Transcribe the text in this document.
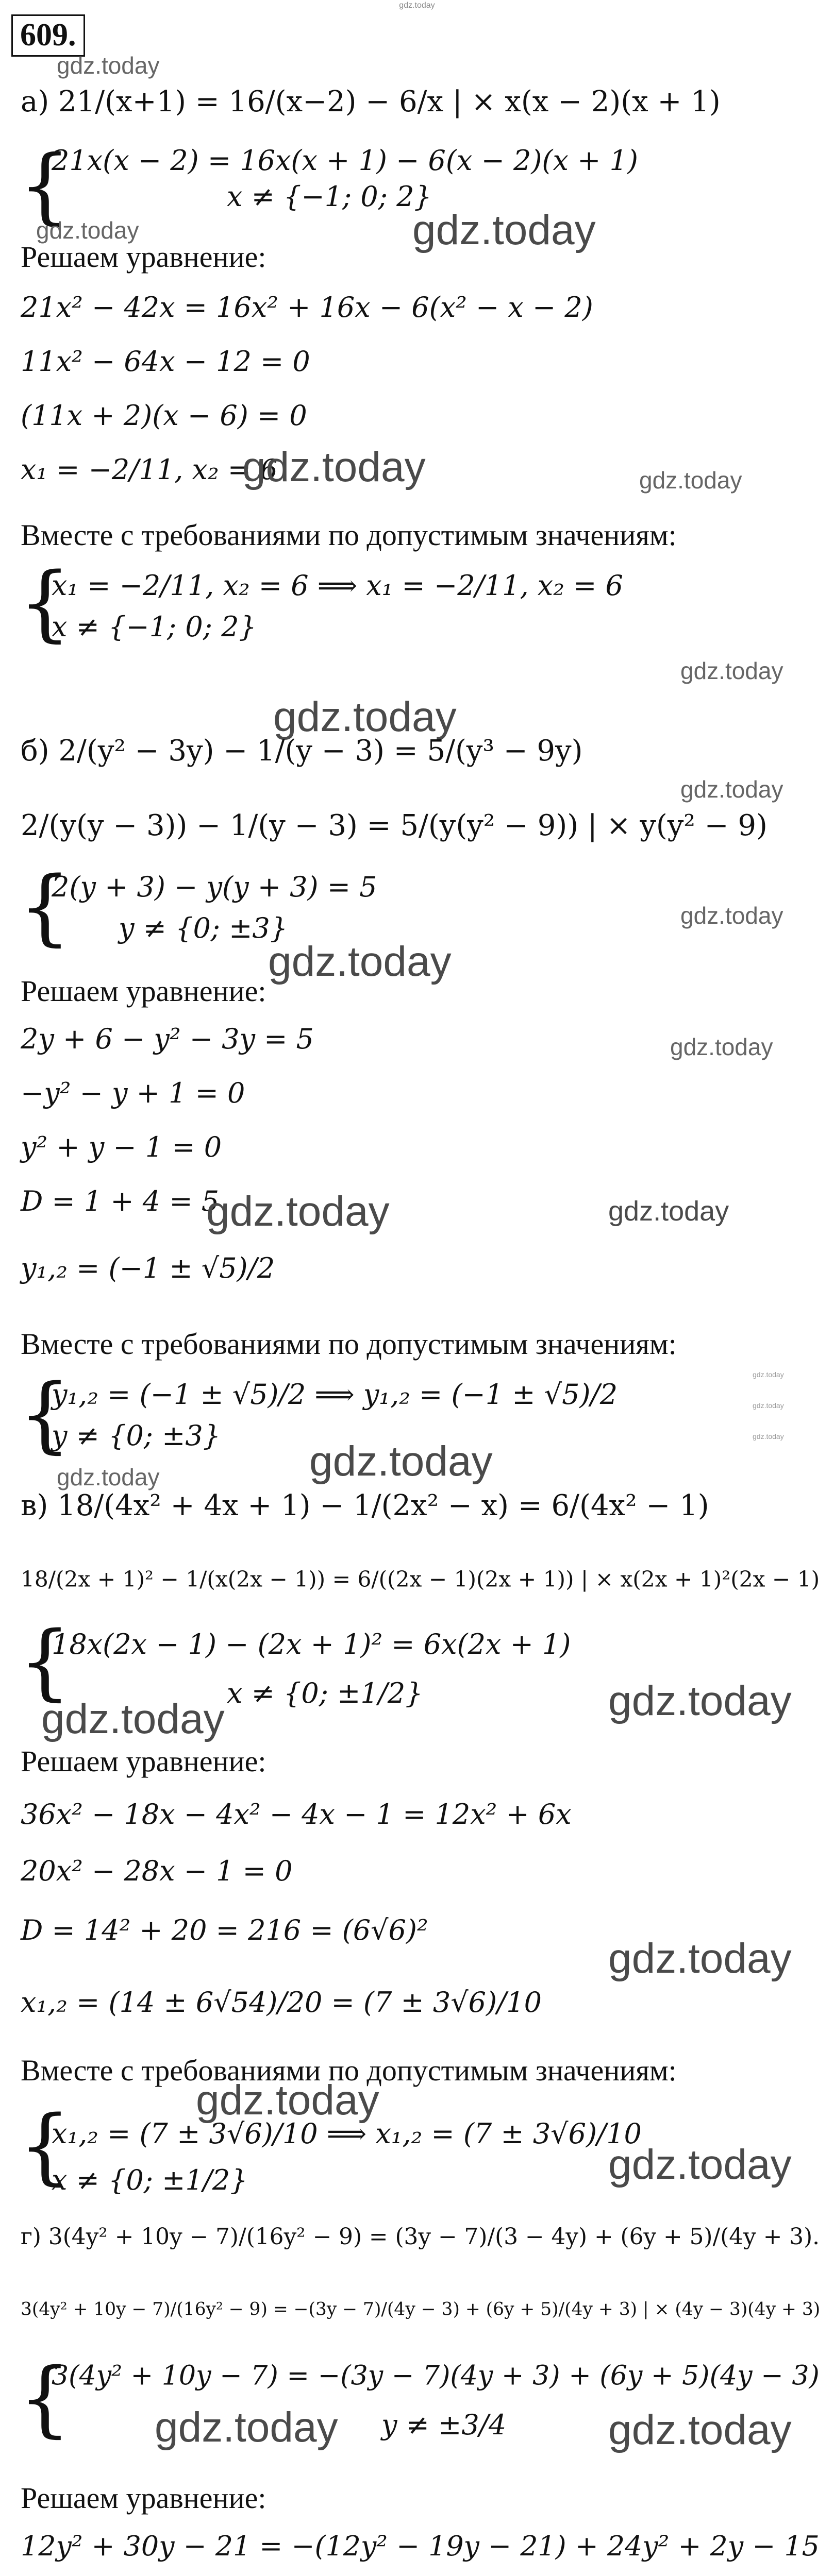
gdz.today
609.
gdz.today
а) 21/(x+1) = 16/(x−2) − 6/x | × x(x − 2)(x + 1)
{
21x(x − 2) = 16x(x + 1) − 6(x − 2)(x + 1)
x ≠ {−1; 0; 2}
gdz.today	gdz.today
Решаем уравнение:
21x² − 42x = 16x² + 16x − 6(x² − x − 2)
11x² − 64x − 12 = 0
(11x + 2)(x − 6) = 0
x₁ = −2/11, x₂ = 6
gdz.today	gdz.today
Вместе с требованиями по допустимым значениям:
{
x₁ = −2/11, x₂ = 6 ⟹ x₁ = −2/11, x₂ = 6
x ≠ {−1; 0; 2}
gdz.today
gdz.today
б) 2/(y² − 3y) − 1/(y − 3) = 5/(y³ − 9y)
gdz.today
2/(y(y − 3)) − 1/(y − 3) = 5/(y(y² − 9)) | × y(y² − 9)
{
2(y + 3) − y(y + 3) = 5
y ≠ {0; ±3}	gdz.today
gdz.today
Решаем уравнение:
2y + 6 − y² − 3y = 5	gdz.today
−y² − y + 1 = 0
y² + y − 1 = 0
D = 1 + 4 = 5
gdz.today	gdz.today
y₁,₂ = (−1 ± √5)/2
Вместе с требованиями по допустимым значениям:
{
y₁,₂ = (−1 ± √5)/2 ⟹ y₁,₂ = (−1 ± √5)/2
y ≠ {0; ±3}
gdz.today
gdz.today
gdz.today
gdz.today
gdz.today
в) 18/(4x² + 4x + 1) − 1/(2x² − x) = 6/(4x² − 1)
18/(2x + 1)² − 1/(x(2x − 1)) = 6/((2x − 1)(2x + 1)) | × x(2x + 1)²(2x − 1)
{
18x(2x − 1) − (2x + 1)² = 6x(2x + 1)
x ≠ {0; ±1/2}
gdz.today	gdz.today
Решаем уравнение:
36x² − 18x − 4x² − 4x − 1 = 12x² + 6x
20x² − 28x − 1 = 0
D = 14² + 20 = 216 = (6√6)²
gdz.today
x₁,₂ = (14 ± 6√54)/20 = (7 ± 3√6)/10
Вместе с требованиями по допустимым значениям:
gdz.today
{
x₁,₂ = (7 ± 3√6)/10 ⟹ x₁,₂ = (7 ± 3√6)/10
x ≠ {0; ±1/2}	gdz.today
г) 3(4y² + 10y − 7)/(16y² − 9) = (3y − 7)/(3 − 4y) + (6y + 5)/(4y + 3).
3(4y² + 10y − 7)/(16y² − 9) = −(3y − 7)/(4y − 3) + (6y + 5)/(4y + 3) | × (4y − 3)(4y + 3)
{
3(4y² + 10y − 7) = −(3y − 7)(4y + 3) + (6y + 5)(4y − 3)
gdz.today y ≠ ±3/4 gdz.today
Решаем уравнение:
12y² + 30y − 21 = −(12y² − 19y − 21) + 24y² + 2y − 15
